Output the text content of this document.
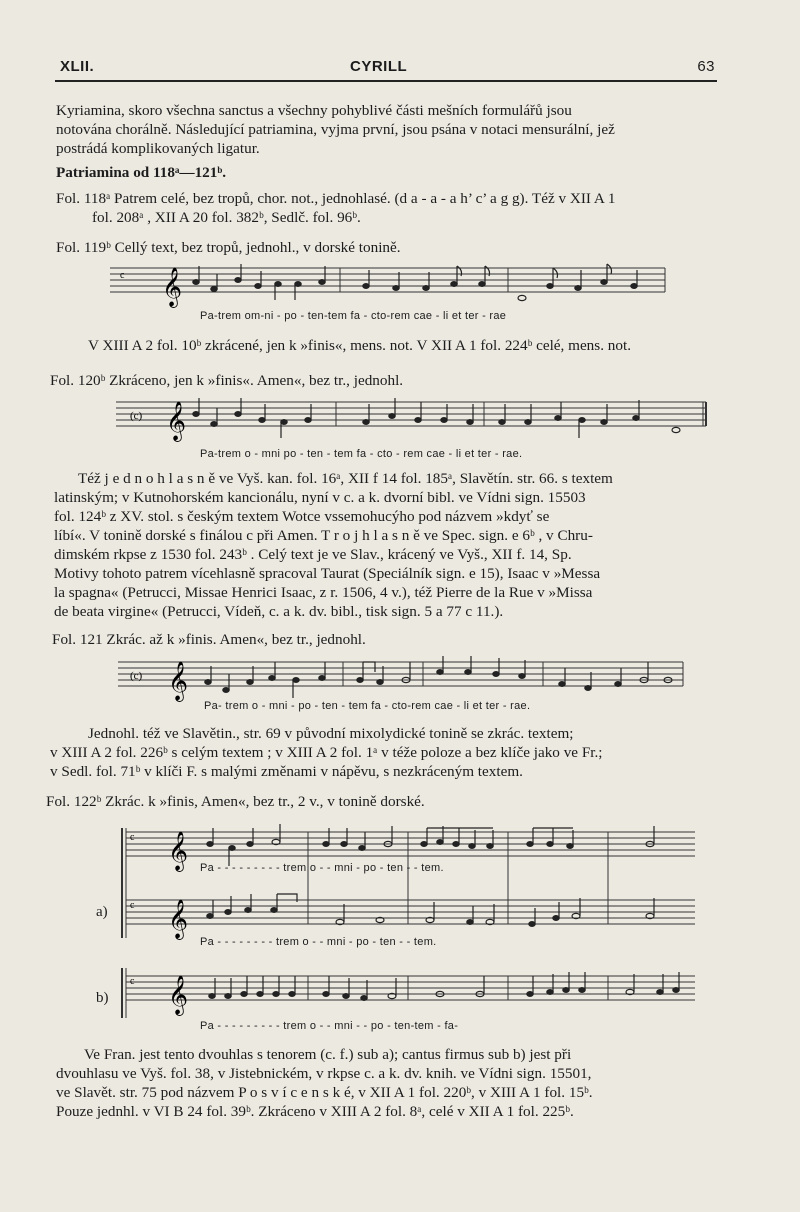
XLII.	CYRILL	63
Kyriamina, skoro všechna sanctus a všechny pohyblivé části mešních formulářů jsou
notována chorálně. Následující patriamina, vyjma první, jsou psána v notaci mensurální, jež
postrádá komplikovaných ligatur.
Patriamina od 118ᵃ—121ᵇ.
Fol. 118ᵃ Patrem celé, bez tropů, chor. not., jednohlasé. (d a - a - a h’ c’ a g g). Též v XII A 1
fol. 208ᵃ , XII A 20 fol. 382ᵇ, Sedlč. fol. 96ᵇ.
Fol. 119ᵇ Cellý text, bez tropů, jednohl., v dorské tonině.
c 𝄞
Pa-trem om-ni - po - ten-tem fa - cto-rem cae - li et ter - rae
V XIII A 2 fol. 10ᵇ zkrácené, jen k »finis«, mens. not. V XII A 1 fol. 224ᵇ celé, mens. not.
Fol. 120ᵇ Zkráceno, jen k »finis«. Amen«, bez tr., jednohl.
(c) 𝄞
Pa-trem o - mni po - ten - tem fa - cto - rem cae - li et ter - rae.
Též j e d n o h l a s n ě ve Vyš. kan. fol. 16ᵃ, XII f 14 fol. 185ᵃ, Slavětín. str. 66. s textem
latinským; v Kutnohorském kancionálu, nyní v c. a k. dvorní bibl. ve Vídni sign. 15503
fol. 124ᵇ z XV. stol. s českým textem Wotce vssemohucýho pod názvem »kdyť se
líbí«. V tonině dorské s finálou c při Amen. T r o j h l a s n ě ve Spec. sign. e 6ᵇ , v Chru-
dimském rkpse z 1530 fol. 243ᵇ . Celý text je ve Slav., krácený ve Vyš., XII f. 14, Sp.
Motivy tohoto patrem vícehlasně spracoval Taurat (Speciálník sign. e 15), Isaac v »Messa
la spagna« (Petrucci, Missae Henrici Isaac, z r. 1506, 4 v.), též Pierre de la Rue v »Missa
de beata virgine« (Petrucci, Vídeň, c. a k. dv. bibl., tisk sign. 5 a 77 c 11.).
Fol. 121 Zkrác. až k »finis. Amen«, bez tr., jednohl.
(c) 𝄞
Pa- trem o - mni - po - ten - tem fa - cto-rem cae - li et ter - rae.
Jednohl. též ve Slavětin., str. 69 v původní mixolydické tonině se zkrác. textem;
v XIII A 2 fol. 226ᵇ s celým textem ; v XIII A 2 fol. 1ᵃ v téže poloze a bez klíče jako ve Fr.;
v Sedl. fol. 71ᵇ v klíči F. s malými změnami v nápěvu, s nezkráceným textem.
Fol. 122ᵇ Zkrác. k »finis, Amen«, bez tr., 2 v., v tonině dorské.
c
c
c
𝄞
𝄞
𝄞
Pa - - - - - - - - - trem o - - mni - po - ten - - tem.
a)
Pa - - - - - - - - trem o - - mni - po - ten - - tem.
b)
Pa - - - - - - - - - trem o - - mni - - po - ten-tem - fa-
Ve Fran. jest tento dvouhlas s tenorem (c. f.) sub a); cantus firmus sub b) jest při
dvouhlasu ve Vyš. fol. 38, v Jistebnickém, v rkpse c. a k. dv. knih. ve Vídni sign. 15501,
ve Slavět. str. 75 pod názvem P o s v í c e n s k é, v XII A 1 fol. 220ᵇ, v XIII A 1 fol. 15ᵇ.
Pouze jednhl. v VI B 24 fol. 39ᵇ. Zkráceno v XIII A 2 fol. 8ᵃ, celé v XII A 1 fol. 225ᵇ.
